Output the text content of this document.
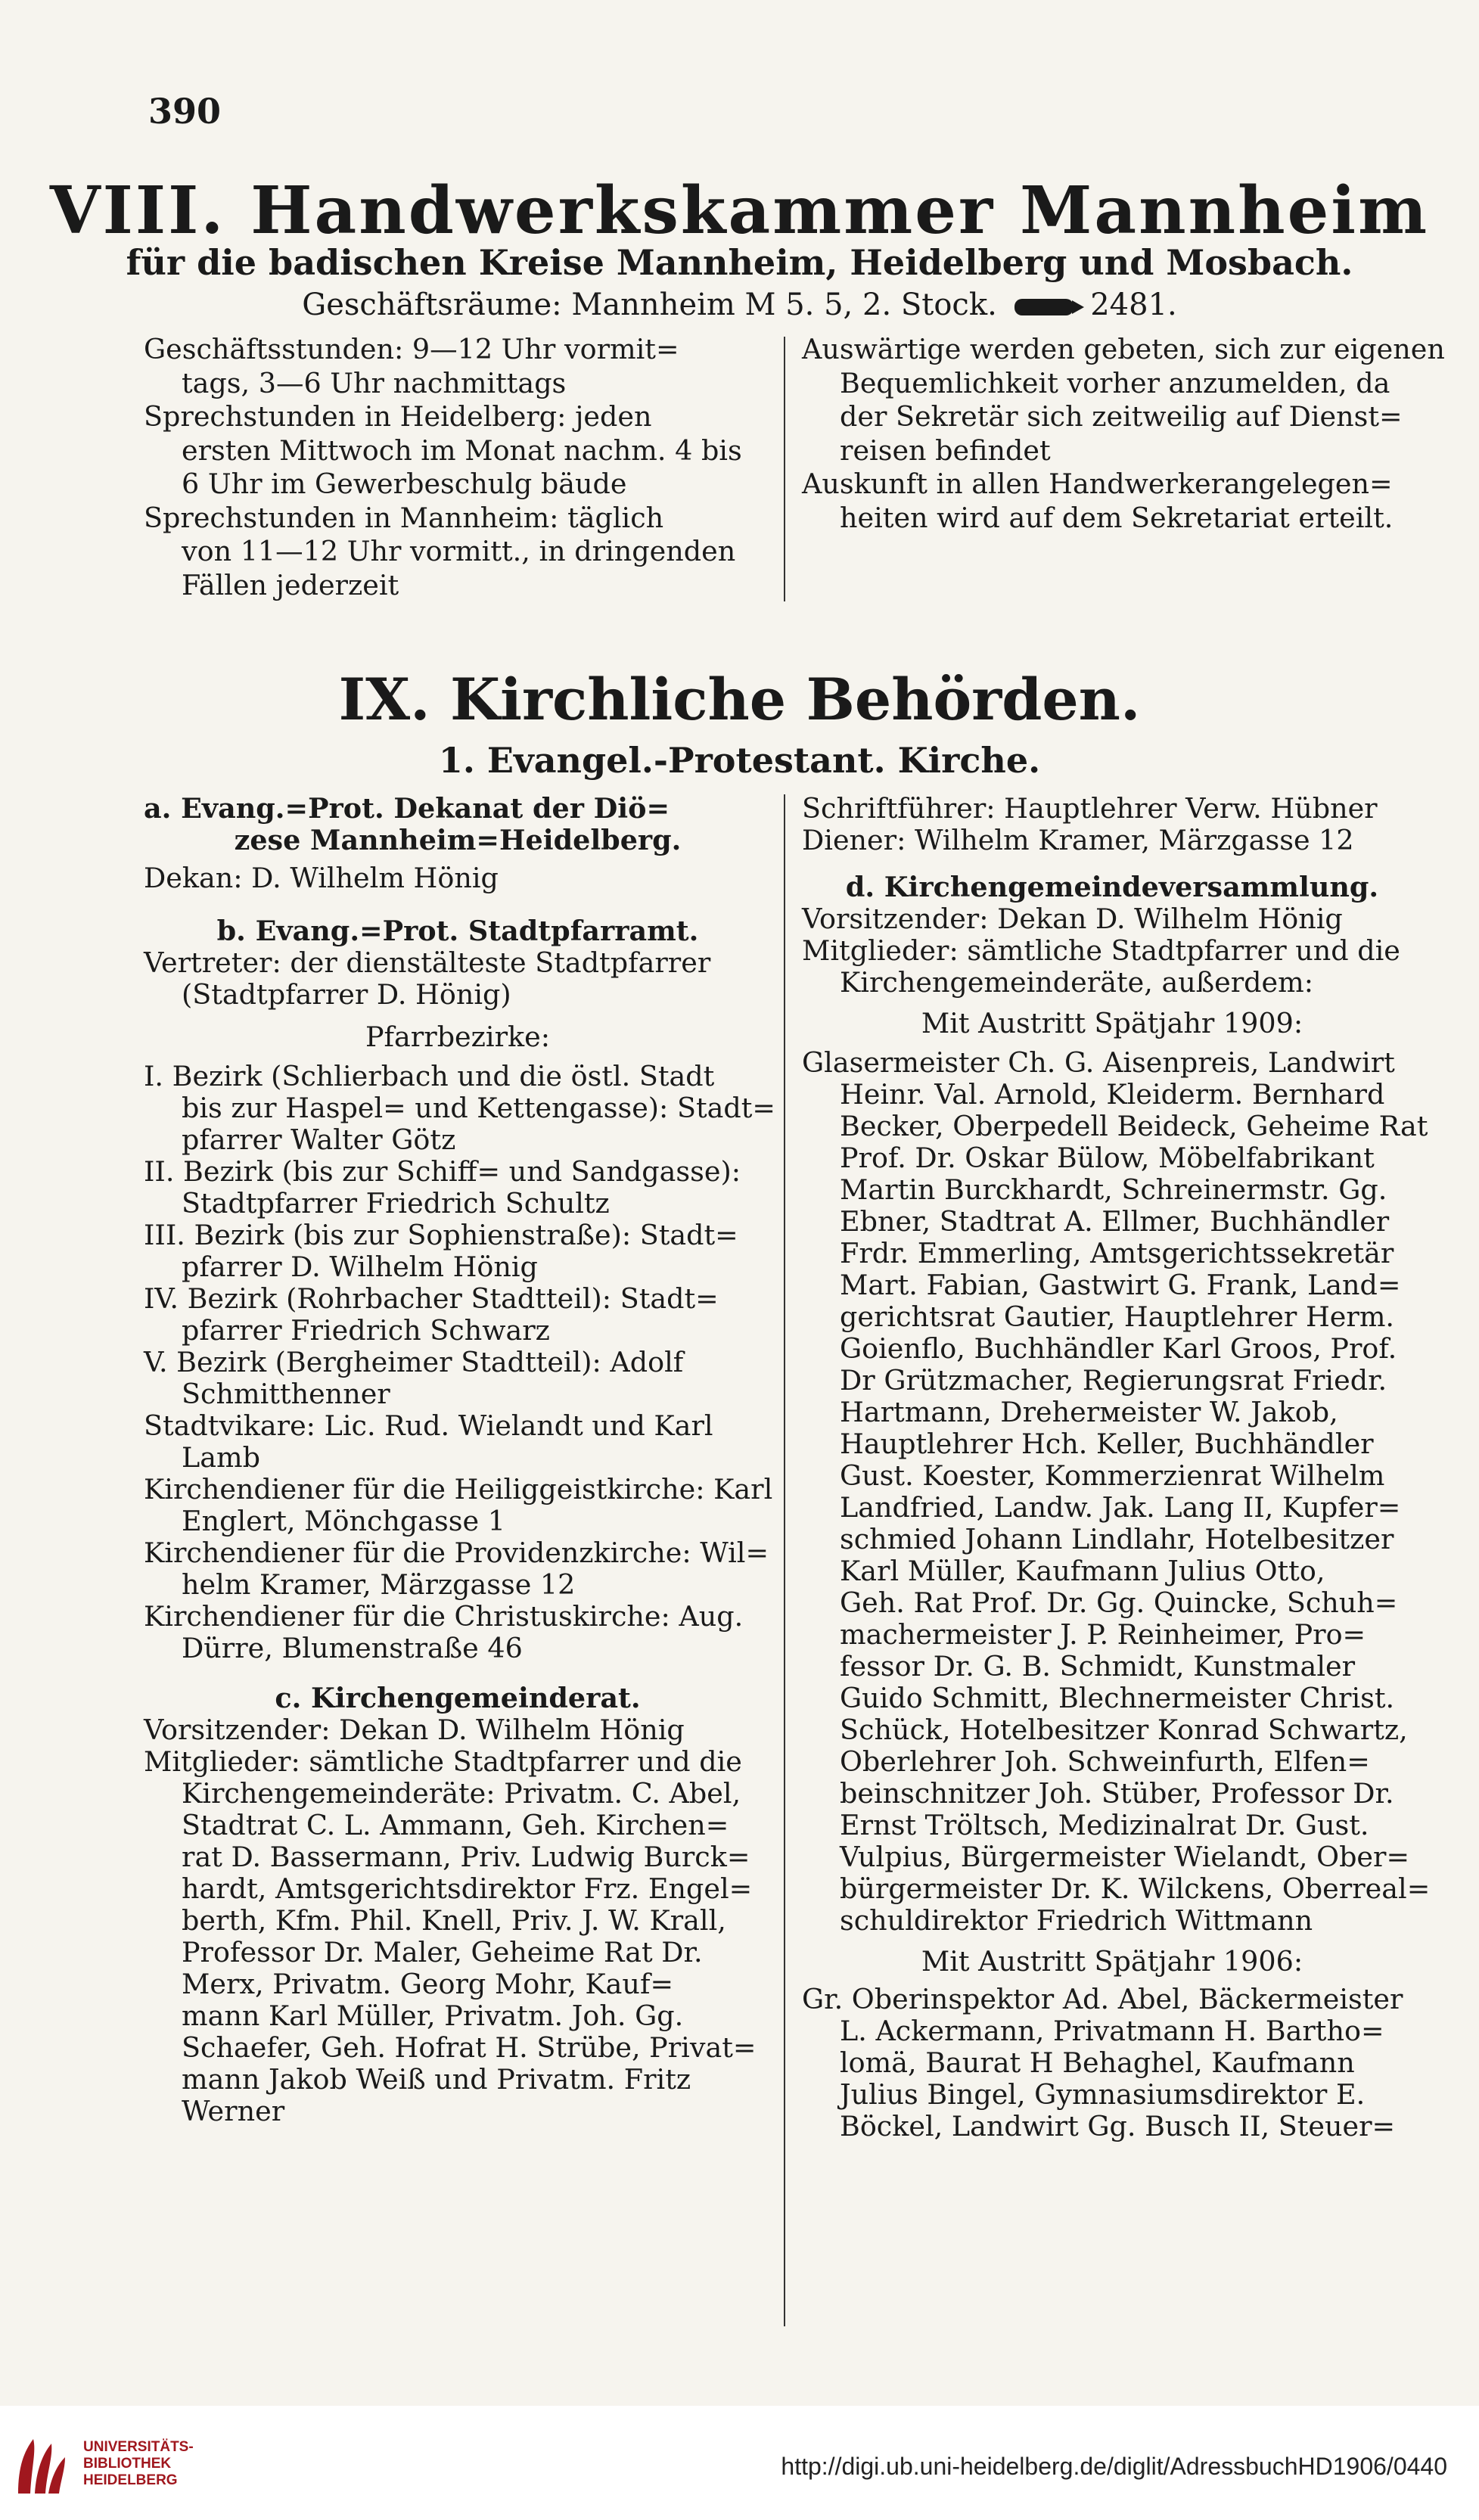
390
VIII. Handwerkskammer Mannheim
für die badischen Kreise Mannheim, Heidelberg und Mosbach.
Geschäftsräume: Mannheim M 5. 5, 2. Stock.	2481.
Geschäftsstunden: 9—12 Uhr vormit=
tags, 3—6 Uhr nachmittags
Sprechstunden in Heidelberg: jeden
ersten Mittwoch im Monat nachm. 4 bis
6 Uhr im Gewerbeschulg bäude
Sprechstunden in Mannheim: täglich
von 11—12 Uhr vormitt., in dringenden
Fällen jederzeit
Auswärtige werden gebeten, sich zur eigenen
Bequemlichkeit vorher anzumelden, da
der Sekretär sich zeitweilig auf Dienst=
reisen befindet
Auskunft in allen Handwerkerangelegen=
heiten wird auf dem Sekretariat erteilt.
IX. Kirchliche Behörden.
1. Evangel.-Protestant. Kirche.
a. Evang.=Prot. Dekanat der Diö=
zese Mannheim=Heidelberg.
Dekan: D. Wilhelm Hönig
b. Evang.=Prot. Stadtpfarramt.
Vertreter: der dienstälteste Stadtpfarrer
(Stadtpfarrer D. Hönig)
Pfarrbezirke:
I. Bezirk (Schlierbach und die östl. Stadt
bis zur Haspel= und Kettengasse): Stadt=
pfarrer Walter Götz
II. Bezirk (bis zur Schiff= und Sandgasse):
Stadtpfarrer Friedrich Schultz
III. Bezirk (bis zur Sophienstraße): Stadt=
pfarrer D. Wilhelm Hönig
IV. Bezirk (Rohrbacher Stadtteil): Stadt=
pfarrer Friedrich Schwarz
V. Bezirk (Bergheimer Stadtteil): Adolf
Schmitthenner
Stadtvikare: Lic. Rud. Wielandt und Karl
Lamb
Kirchendiener für die Heiliggeistkirche: Karl
Englert, Mönchgasse 1
Kirchendiener für die Providenzkirche: Wil=
helm Kramer, Märzgasse 12
Kirchendiener für die Christuskirche: Aug.
Dürre, Blumenstraße 46
c. Kirchengemeinderat.
Vorsitzender: Dekan D. Wilhelm Hönig
Mitglieder: sämtliche Stadtpfarrer und die
Kirchengemeinderäte: Privatm. C. Abel,
Stadtrat C. L. Ammann, Geh. Kirchen=
rat D. Bassermann, Priv. Ludwig Burck=
hardt, Amtsgerichtsdirektor Frz. Engel=
berth, Kfm. Phil. Knell, Priv. J. W. Krall,
Professor Dr. Maler, Geheime Rat Dr.
Merx, Privatm. Georg Mohr, Kauf=
mann Karl Müller, Privatm. Joh. Gg.
Schaefer, Geh. Hofrat H. Strübe, Privat=
mann Jakob Weiß und Privatm. Fritz
Werner
Schriftführer: Hauptlehrer Verw. Hübner
Diener: Wilhelm Kramer, Märzgasse 12
d. Kirchengemeindeversammlung.
Vorsitzender: Dekan D. Wilhelm Hönig
Mitglieder: sämtliche Stadtpfarrer und die
Kirchengemeinderäte, außerdem:
Mit Austritt Spätjahr 1909:
Glasermeister Ch. G. Aisenpreis, Landwirt
Heinr. Val. Arnold, Kleiderm. Bernhard
Becker, Oberpedell Beideck, Geheime Rat
Prof. Dr. Oskar Bülow, Möbelfabrikant
Martin Burckhardt, Schreinermstr. Gg.
Ebner, Stadtrat A. Ellmer, Buchhändler
Frdr. Emmerling, Amtsgerichtssekretär
Mart. Fabian, Gastwirt G. Frank, Land=
gerichtsrat Gautier, Hauptlehrer Herm.
Goienflo, Buchhändler Karl Groos, Prof.
Dr Grützmacher, Regierungsrat Friedr.
Hartmann, Dreherмeister W. Jakob,
Hauptlehrer Hch. Keller, Buchhändler
Gust. Koester, Kommerzienrat Wilhelm
Landfried, Landw. Jak. Lang II, Kupfer=
schmied Johann Lindlahr, Hotelbesitzer
Karl Müller, Kaufmann Julius Otto,
Geh. Rat Prof. Dr. Gg. Quincke, Schuh=
machermeister J. P. Reinheimer, Pro=
fessor Dr. G. B. Schmidt, Kunstmaler
Guido Schmitt, Blechnermeister Christ.
Schück, Hotelbesitzer Konrad Schwartz,
Oberlehrer Joh. Schweinfurth, Elfen=
beinschnitzer Joh. Stüber, Professor Dr.
Ernst Tröltsch, Medizinalrat Dr. Gust.
Vulpius, Bürgermeister Wielandt, Ober=
bürgermeister Dr. K. Wilckens, Oberreal=
schuldirektor Friedrich Wittmann
Mit Austritt Spätjahr 1906:
Gr. Oberinspektor Ad. Abel, Bäckermeister
L. Ackermann, Privatmann H. Bartho=
lomä, Baurat H Behaghel, Kaufmann
Julius Bingel, Gymnasiumsdirektor E.
Böckel, Landwirt Gg. Busch II, Steuer=
UNIVERSITÄTS-
BIBLIOTHEK
HEIDELBERG
http://digi.ub.uni-heidelberg.de/diglit/AdressbuchHD1906/0440
